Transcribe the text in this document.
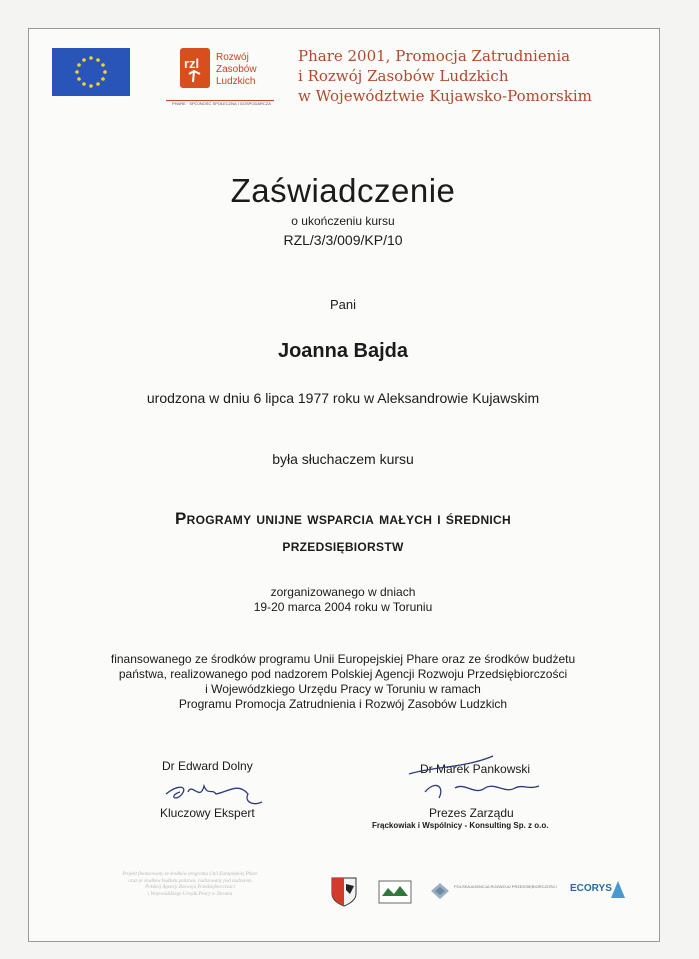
rzl Rozwój
Zasobów
Ludzkich
PHARE · SPÓJNOŚĆ SPOŁECZNA I GOSPODARCZA
Phare 2001, Promocja Zatrudnienia
i Rozwój Zasobów Ludzkich
w Województwie Kujawsko-Pomorskim
Zaświadczenie
o ukończeniu kursu
RZL/3/3/009/KP/10
Pani
Joanna Bajda
urodzona w dniu 6 lipca 1977 roku w Aleksandrowie Kujawskim
była słuchaczem kursu
Programy unijne wsparcia małych i średnich
przedsiębiorstw
zorganizowanego w dniach
19-20 marca 2004 roku w Toruniu
finansowanego ze środków programu Unii Europejskiej Phare oraz ze środków budżetu
państwa, realizowanego pod nadzorem Polskiej Agencji Rozwoju Przedsiębiorczości
i Wojewódzkiego Urzędu Pracy w Toruniu w ramach
Programu Promocja Zatrudnienia i Rozwój Zasobów Ludzkich
Dr Edward Dolny
Kluczowy Ekspert
Dr Marek Pankowski
Prezes Zarządu
Frąckowiak i Wspólnicy - Konsulting Sp. z o.o.
Projekt finansowany ze środków programu Unii Europejskiej Phare
oraz ze środków budżetu państwa, realizowany pod nadzorem
Polskiej Agencji Rozwoju Przedsiębiorczości
i Wojewódzkiego Urzędu Pracy w Toruniu
POLSKA AGENCJA ROZWOJU PRZEDSIĘBIORCZOŚCI ECORYS
